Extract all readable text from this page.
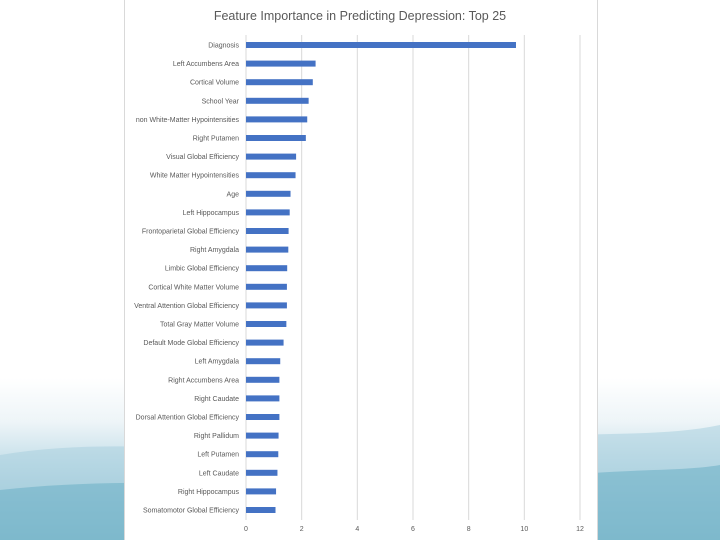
Feature Importance in Predicting Depression: Top 25
0	2	4	6	8	10	12
Diagnosis
Left Accumbens Area
Cortical Volume
School Year
non White-Matter Hypointensities
Right Putamen
Visual Global Efficiency
White Matter Hypointensities
Age
Left Hippocampus
Frontoparietal Global Efficiency
Right Amygdala
Limbic Global Efficiency
Cortical White Matter Volume
Ventral Attention Global Efficiency
Total Gray Matter Volume
Default Mode Global Efficiency
Left Amygdala
Right Accumbens Area
Right Caudate
Dorsal Attention Global Efficiency
Right Pallidum
Left Putamen
Left Caudate
Right Hippocampus
Somatomotor Global Efficiency
